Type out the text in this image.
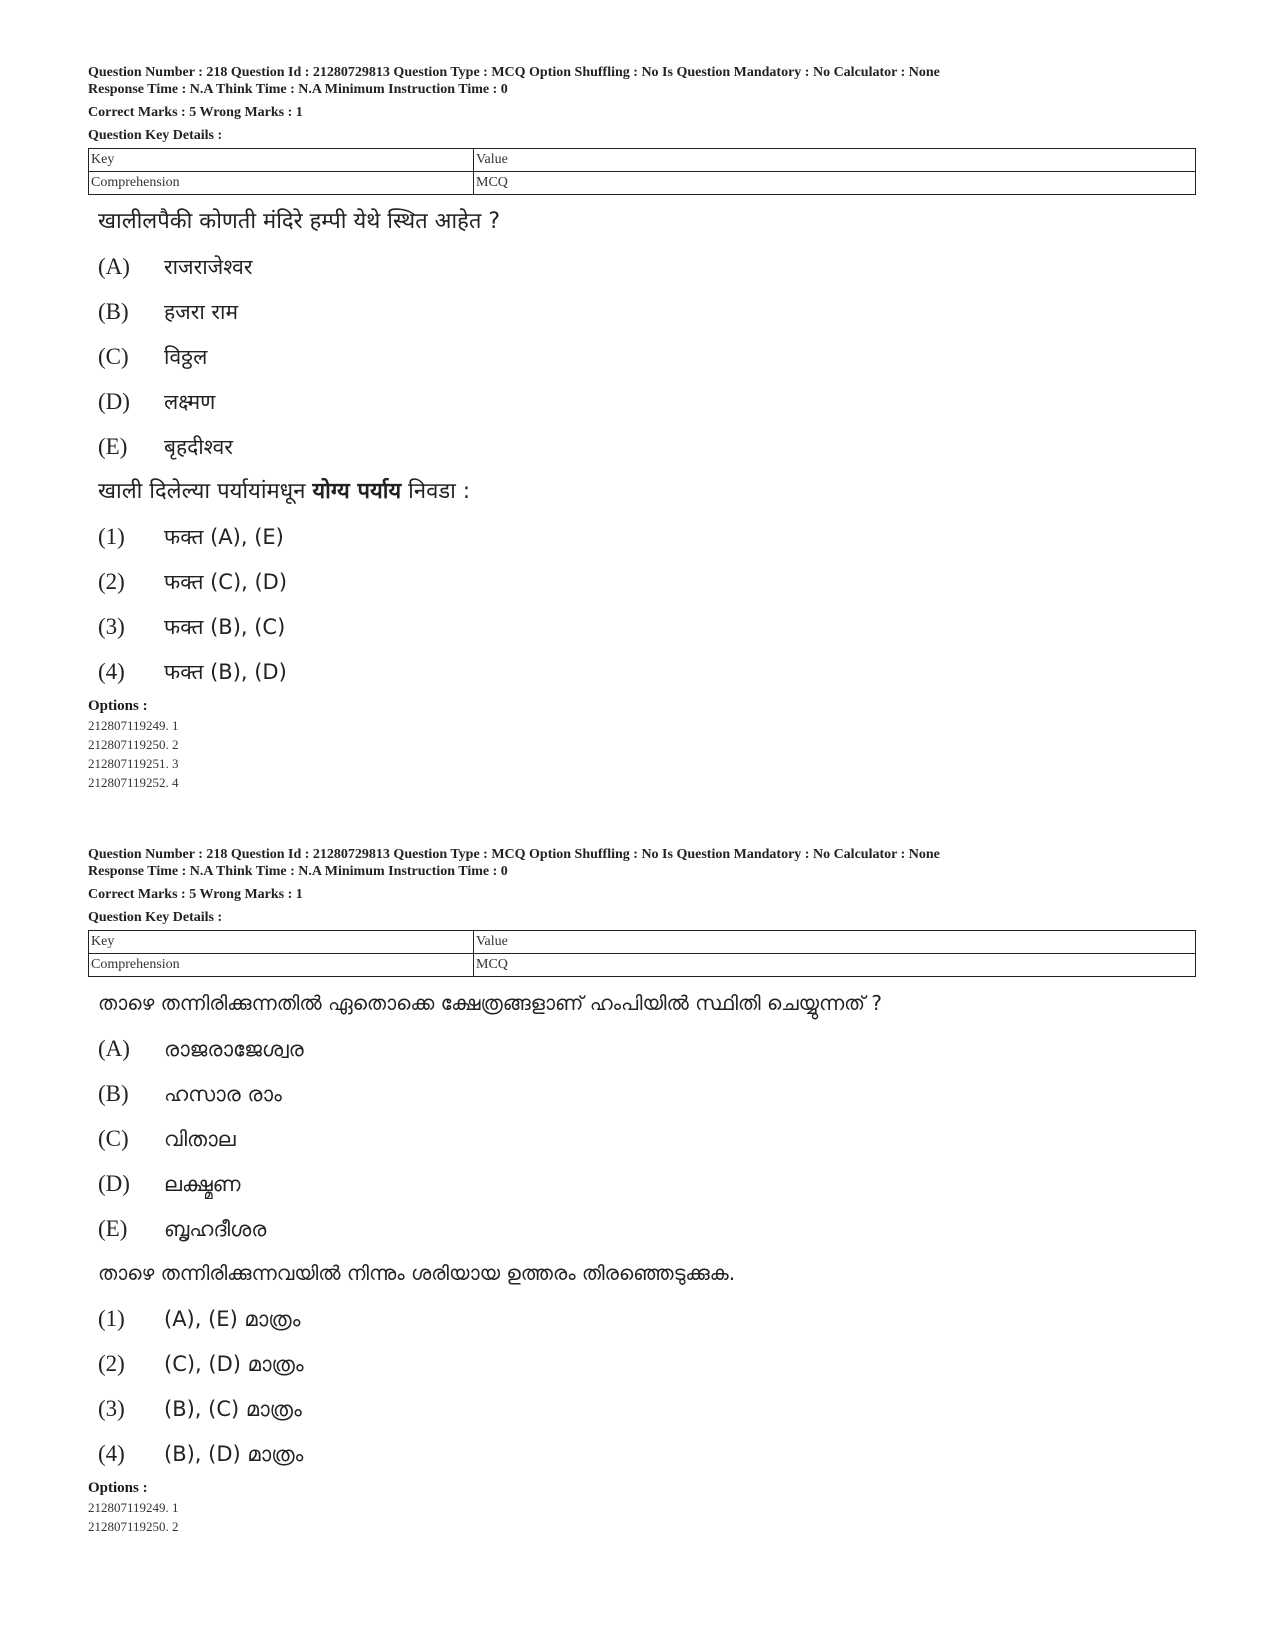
Question Number : 218 Question Id : 21280729813 Question Type : MCQ Option Shuffling : No Is Question Mandatory : No Calculator : None

Response Time : N.A Think Time : N.A Minimum Instruction Time : 0

Correct Marks : 5 Wrong Marks : 1

Question Key Details :

Key	Value
Comprehension	MCQ

खालीलपैकी कोणती मंदिरे हम्पी येथे स्थित आहेत ?

(A) राजराजेश्वर
(B) हजरा राम
(C) विठ्ठल
(D) लक्ष्मण
(E) बृहदीश्वर

खाली दिलेल्या पर्यायांमधून योग्य पर्याय निवडा :

(1) फक्त (A), (E)
(2) फक्त (C), (D)
(3) फक्त (B), (C)
(4) फक्त (B), (D)

Options :

212807119249. 1
212807119250. 2
212807119251. 3
212807119252. 4

Question Number : 218 Question Id : 21280729813 Question Type : MCQ Option Shuffling : No Is Question Mandatory : No Calculator : None

Response Time : N.A Think Time : N.A Minimum Instruction Time : 0

Correct Marks : 5 Wrong Marks : 1

Question Key Details :

Key	Value
Comprehension	MCQ

താഴെ തന്നിരിക്കുന്നതിൽ ഏതൊക്കെ ക്ഷേത്രങ്ങളാണ് ഹംപിയിൽ സ്ഥിതി ചെയ്യുന്നത് ?

(A) രാജരാജേശ്വര
(B) ഹസാര രാം
(C) വിതാല
(D) ലക്ഷ്മണ
(E) ബൃഹദീശര

താഴെ തന്നിരിക്കുന്നവയിൽ നിന്നും ശരിയായ ഉത്തരം തിരഞ്ഞെടുക്കുക.

(1) (A), (E) മാത്രം
(2) (C), (D) മാത്രം
(3) (B), (C) മാത്രം
(4) (B), (D) മാത്രം

Options :

212807119249. 1
212807119250. 2
